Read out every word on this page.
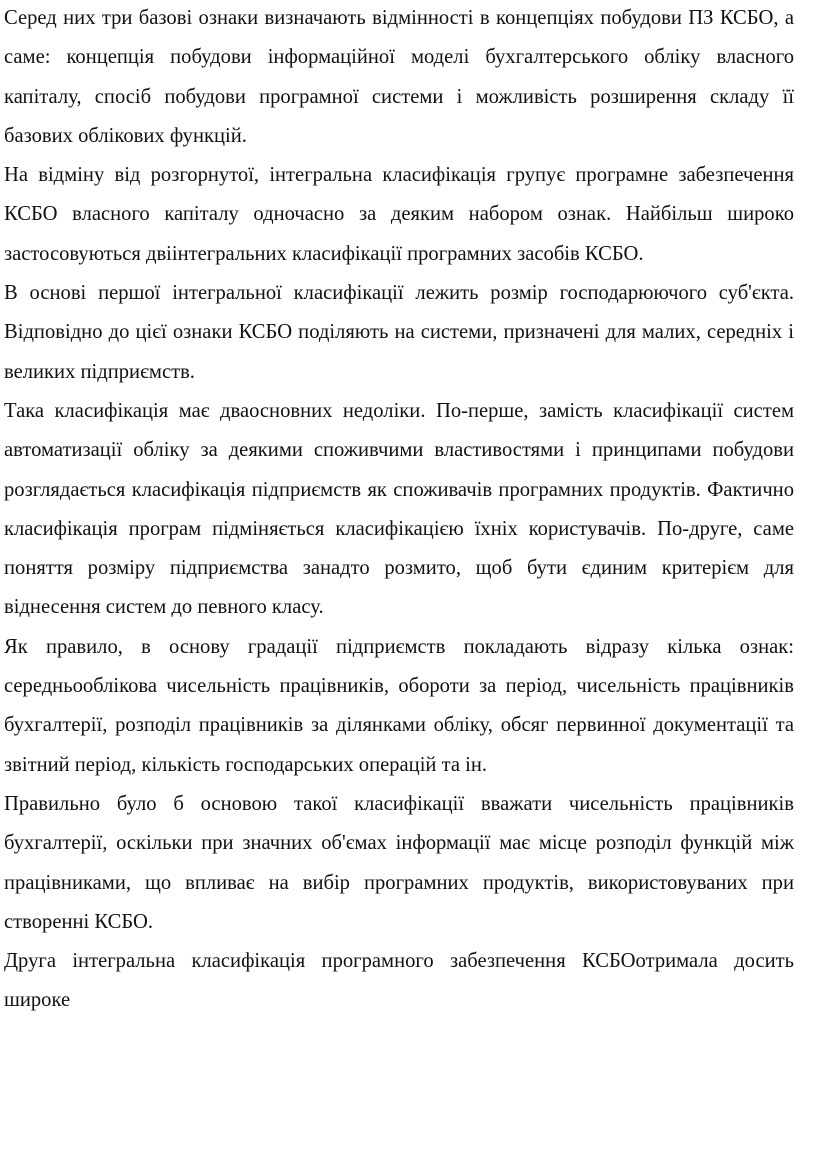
Серед них три базові ознаки визначають відмінності в концепціях побудови ПЗ КСБО, а саме: концепція побудови інформаційної моделі бухгалтерського обліку власного капіталу, спосіб побудови програмної системи і можливість розширення складу її базових облікових функцій.

На відміну від розгорнутої, інтегральна класифікація групує програмне забезпечення КСБО власного капіталу одночасно за деяким набором ознак. Найбільш широко застосовуються двіінтегральних класифікації програмних засобів КСБО.

В основі першої інтегральної класифікації лежить розмір господарюючого суб'єкта. Відповідно до цієї ознаки КСБО поділяють на системи, призначені для малих, середніх і великих підприємств.

Така класифікація має дваосновних недоліки. По-перше, замість класифікації систем автоматизації обліку за деякими споживчими властивостями і принципами побудови розглядається класифікація підприємств як споживачів програмних продуктів. Фактично класифікація програм підміняється класифікацією їхніх користувачів. По-друге, саме поняття розміру підприємства занадто розмито, щоб бути єдиним критерієм для віднесення систем до певного класу.

Як правило, в основу градації підприємств покладають відразу кілька ознак: середньооблікова чисельність працівників, обороти за період, чисельність працівників бухгалтерії, розподіл працівників за ділянками обліку, обсяг первинної документації та звітний період, кількість господарських операцій та ін.

Правильно було б основою такої класифікації вважати чисельність працівників бухгалтерії, оскільки при значних об'ємах інформації має місце розподіл функцій між працівниками, що впливає на вибір програмних продуктів, використовуваних при створенні КСБО.

Друга інтегральна класифікація програмного забезпечення КСБОотримала досить широке
